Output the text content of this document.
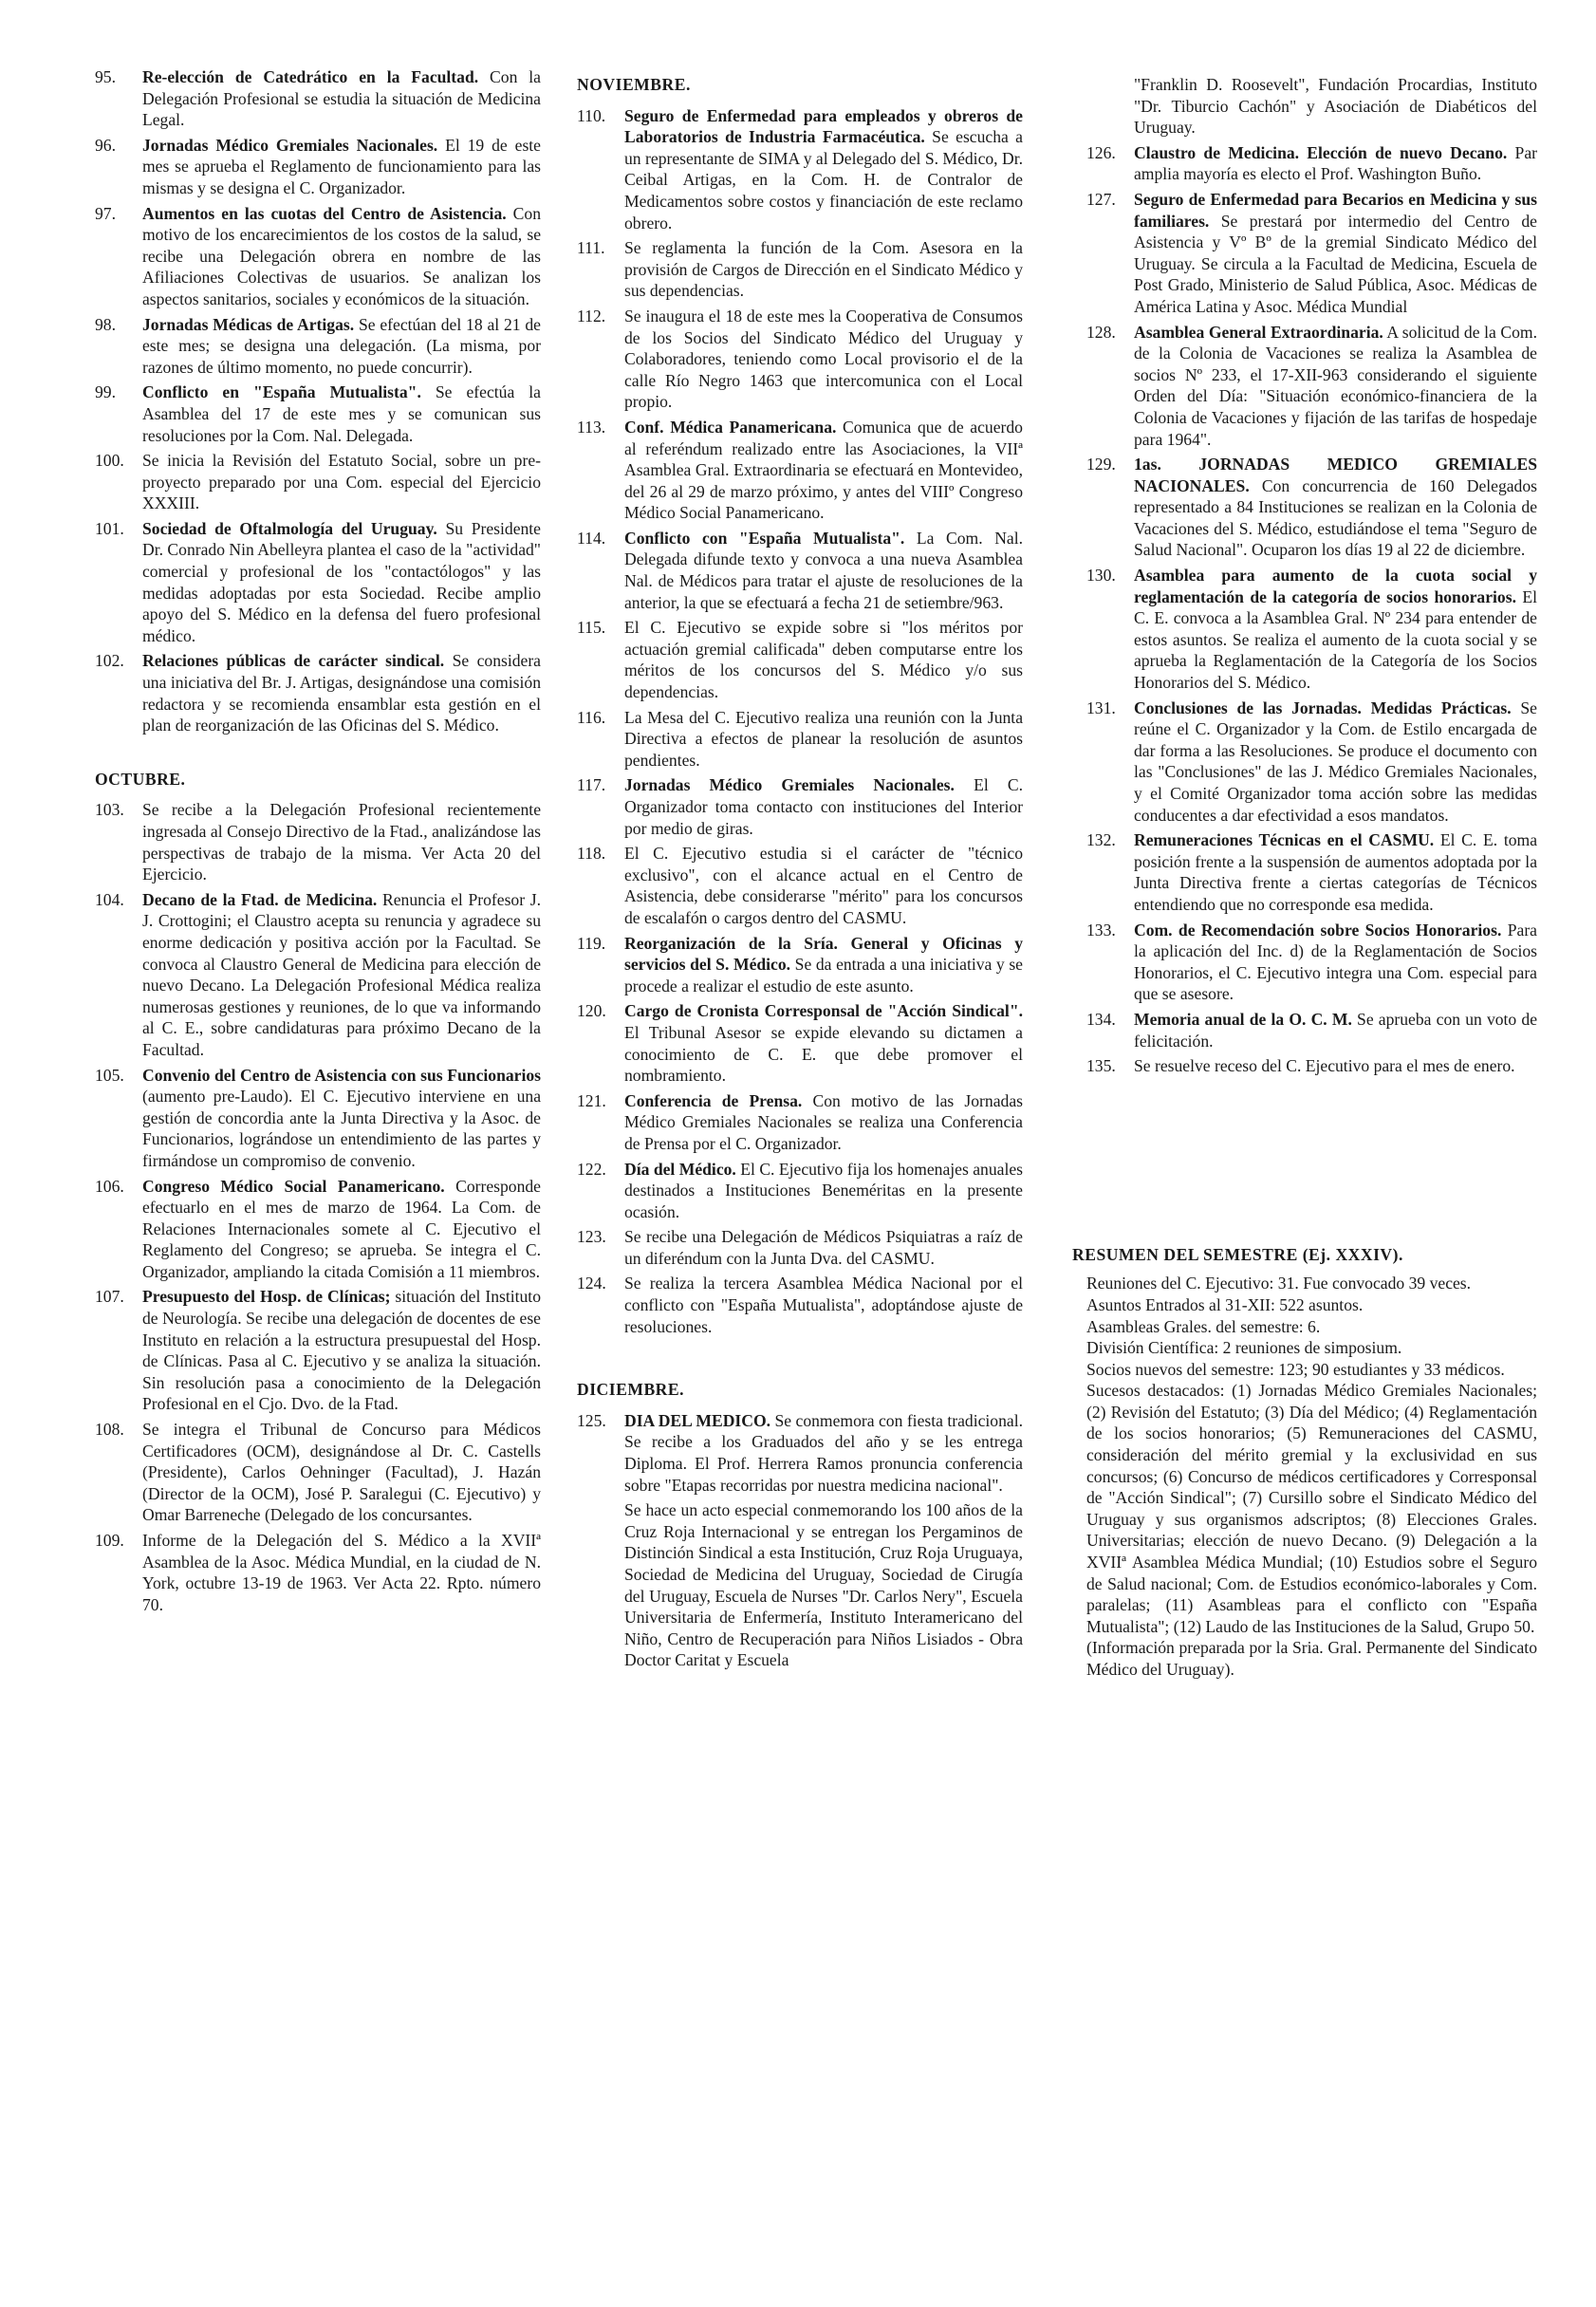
95.	Re-elección de Catedrático en la Facultad. Con la Delegación Profesional se estudia la situación de Medicina Legal.
96.	Jornadas Médico Gremiales Nacionales. El 19 de este mes se aprueba el Reglamento de funcionamiento para las mismas y se designa el C. Organizador.
97.	Aumentos en las cuotas del Centro de Asistencia. Con motivo de los encarecimientos de los costos de la salud, se recibe una Delegación obrera en nombre de las Afiliaciones Colectivas de usuarios. Se analizan los aspectos sanitarios, sociales y económicos de la situación.
98.	Jornadas Médicas de Artigas. Se efectúan del 18 al 21 de este mes; se designa una delegación. (La misma, por razones de último momento, no puede concurrir).
99.	Conflicto en "España Mutualista". Se efectúa la Asamblea del 17 de este mes y se comunican sus resoluciones por la Com. Nal. Delegada.
100.	Se inicia la Revisión del Estatuto Social, sobre un pre-proyecto preparado por una Com. especial del Ejercicio XXXIII.
101.	Sociedad de Oftalmología del Uruguay. Su Presidente Dr. Conrado Nin Abelleyra plantea el caso de la "actividad" comercial y profesional de los "contactólogos" y las medidas adoptadas por esta Sociedad. Recibe amplio apoyo del S. Médico en la defensa del fuero profesional médico.
102.	Relaciones públicas de carácter sindical. Se considera una iniciativa del Br. J. Artigas, designándose una comisión redactora y se recomienda ensamblar esta gestión en el plan de reorganización de las Oficinas del S. Médico.
OCTUBRE.
103.	Se recibe a la Delegación Profesional recientemente ingresada al Consejo Directivo de la Ftad., analizándose las perspectivas de trabajo de la misma. Ver Acta 20 del Ejercicio.
104.	Decano de la Ftad. de Medicina. Renuncia el Profesor J. J. Crottogini; el Claustro acepta su renuncia y agradece su enorme dedicación y positiva acción por la Facultad. Se convoca al Claustro General de Medicina para elección de nuevo Decano. La Delegación Profesional Médica realiza numerosas gestiones y reuniones, de lo que va informando al C. E., sobre candidaturas para próximo Decano de la Facultad.
105.	Convenio del Centro de Asistencia con sus Funcionarios (aumento pre-Laudo). El C. Ejecutivo interviene en una gestión de concordia ante la Junta Directiva y la Asoc. de Funcionarios, lográndose un entendimiento de las partes y firmándose un compromiso de convenio.
106.	Congreso Médico Social Panamericano. Corresponde efectuarlo en el mes de marzo de 1964. La Com. de Relaciones Internacionales somete al C. Ejecutivo el Reglamento del Congreso; se aprueba. Se integra el C. Organizador, ampliando la citada Comisión a 11 miembros.
107.	Presupuesto del Hosp. de Clínicas; situación del Instituto de Neurología. Se recibe una delegación de docentes de ese Instituto en relación a la estructura presupuestal del Hosp. de Clínicas. Pasa al C. Ejecutivo y se analiza la situación. Sin resolución pasa a conocimiento de la Delegación Profesional en el Cjo. Dvo. de la Ftad.
108.	Se integra el Tribunal de Concurso para Médicos Certificadores (OCM), designándose al Dr. C. Castells (Presidente), Carlos Oehninger (Facultad), J. Hazán (Director de la OCM), José P. Saralegui (C. Ejecutivo) y Omar Barreneche (Delegado de los concursantes.
109.	Informe de la Delegación del S. Médico a la XVIIª Asamblea de la Asoc. Médica Mundial, en la ciudad de N. York, octubre 13-19 de 1963. Ver Acta 22. Rpto. número 70.
NOVIEMBRE.
110.	Seguro de Enfermedad para empleados y obreros de Laboratorios de Industria Farmacéutica. Se escucha a un representante de SIMA y al Delegado del S. Médico, Dr. Ceibal Artigas, en la Com. H. de Contralor de Medicamentos sobre costos y financiación de este reclamo obrero.
111.	Se reglamenta la función de la Com. Asesora en la provisión de Cargos de Dirección en el Sindicato Médico y sus dependencias.
112.	Se inaugura el 18 de este mes la Cooperativa de Consumos de los Socios del Sindicato Médico del Uruguay y Colaboradores, teniendo como Local provisorio el de la calle Río Negro 1463 que intercomunica con el Local propio.
113.	Conf. Médica Panamericana. Comunica que de acuerdo al referéndum realizado entre las Asociaciones, la VIIª Asamblea Gral. Extraordinaria se efectuará en Montevideo, del 26 al 29 de marzo próximo, y antes del VIIIº Congreso Médico Social Panamericano.
114.	Conflicto con "España Mutualista". La Com. Nal. Delegada difunde texto y convoca a una nueva Asamblea Nal. de Médicos para tratar el ajuste de resoluciones de la anterior, la que se efectuará a fecha 21 de setiembre/963.
115.	El C. Ejecutivo se expide sobre si "los méritos por actuación gremial calificada" deben computarse entre los méritos de los concursos del S. Médico y/o sus dependencias.
116.	La Mesa del C. Ejecutivo realiza una reunión con la Junta Directiva a efectos de planear la resolución de asuntos pendientes.
117.	Jornadas Médico Gremiales Nacionales. El C. Organizador toma contacto con instituciones del Interior por medio de giras.
118.	El C. Ejecutivo estudia si el carácter de "técnico exclusivo", con el alcance actual en el Centro de Asistencia, debe considerarse "mérito" para los concursos de escalafón o cargos dentro del CASMU.
119.	Reorganización de la Sría. General y Oficinas y servicios del S. Médico. Se da entrada a una iniciativa y se procede a realizar el estudio de este asunto.
120.	Cargo de Cronista Corresponsal de "Acción Sindical". El Tribunal Asesor se expide elevando su dictamen a conocimiento de C. E. que debe promover el nombramiento.
121.	Conferencia de Prensa. Con motivo de las Jornadas Médico Gremiales Nacionales se realiza una Conferencia de Prensa por el C. Organizador.
122.	Día del Médico. El C. Ejecutivo fija los homenajes anuales destinados a Instituciones Beneméritas en la presente ocasión.
123.	Se recibe una Delegación de Médicos Psiquiatras a raíz de un diferéndum con la Junta Dva. del CASMU.
124.	Se realiza la tercera Asamblea Médica Nacional por el conflicto con "España Mutualista", adoptándose ajuste de resoluciones.
DICIEMBRE.
125.	DIA DEL MEDICO. Se conmemora con fiesta tradicional. Se recibe a los Graduados del año y se les entrega Diploma. El Prof. Herrera Ramos pronuncia conferencia sobre "Etapas recorridas por nuestra medicina nacional".
Se hace un acto especial conmemorando los 100 años de la Cruz Roja Internacional y se entregan los Pergaminos de Distinción Sindical a esta Institución, Cruz Roja Uruguaya, Sociedad de Medicina del Uruguay, Sociedad de Cirugía del Uruguay, Escuela de Nurses "Dr. Carlos Nery", Escuela Universitaria de Enfermería, Instituto Interamericano del Niño, Centro de Recuperación para Niños Lisiados - Obra Doctor Caritat y Escuela
"Franklin D. Roosevelt", Fundación Procardias, Instituto "Dr. Tiburcio Cachón" y Asociación de Diabéticos del Uruguay.
126.	Claustro de Medicina. Elección de nuevo Decano. Par amplia mayoría es electo el Prof. Washington Buño.
127.	Seguro de Enfermedad para Becarios en Medicina y sus familiares. Se prestará por intermedio del Centro de Asistencia y Vº Bº de la gremial Sindicato Médico del Uruguay. Se circula a la Facultad de Medicina, Escuela de Post Grado, Ministerio de Salud Pública, Asoc. Médicas de América Latina y Asoc. Médica Mundial
128.	Asamblea General Extraordinaria. A solicitud de la Com. de la Colonia de Vacaciones se realiza la Asamblea de socios Nº 233, el 17-XII-963 considerando el siguiente Orden del Día: "Situación económico-financiera de la Colonia de Vacaciones y fijación de las tarifas de hospedaje para 1964".
129.	1as. JORNADAS MEDICO GREMIALES NACIONALES. Con concurrencia de 160 Delegados representado a 84 Instituciones se realizan en la Colonia de Vacaciones del S. Médico, estudiándose el tema "Seguro de Salud Nacional". Ocuparon los días 19 al 22 de diciembre.
130.	Asamblea para aumento de la cuota social y reglamentación de la categoría de socios honorarios. El C. E. convoca a la Asamblea Gral. Nº 234 para entender de estos asuntos. Se realiza el aumento de la cuota social y se aprueba la Reglamentación de la Categoría de los Socios Honorarios del S. Médico.
131.	Conclusiones de las Jornadas. Medidas Prácticas. Se reúne el C. Organizador y la Com. de Estilo encargada de dar forma a las Resoluciones. Se produce el documento con las "Conclusiones" de las J. Médico Gremiales Nacionales, y el Comité Organizador toma acción sobre las medidas conducentes a dar efectividad a esos mandatos.
132.	Remuneraciones Técnicas en el CASMU. El C. E. toma posición frente a la suspensión de aumentos adoptada por la Junta Directiva frente a ciertas categorías de Técnicos entendiendo que no corresponde esa medida.
133.	Com. de Recomendación sobre Socios Honorarios. Para la aplicación del Inc. d) de la Reglamentación de Socios Honorarios, el C. Ejecutivo integra una Com. especial para que se asesore.
134.	Memoria anual de la O. C. M. Se aprueba con un voto de felicitación.
135.	Se resuelve receso del C. Ejecutivo para el mes de enero.
RESUMEN DEL SEMESTRE (Ej. XXXIV).

Reuniones del C. Ejecutivo: 31. Fue convocado 39 veces.

Asuntos Entrados al 31-XII: 522 asuntos.

Asambleas Grales. del semestre: 6.

División Científica: 2 reuniones de simposium.

Socios nuevos del semestre: 123; 90 estudiantes y 33 médicos.

Sucesos destacados: (1) Jornadas Médico Gremiales Nacionales; (2) Revisión del Estatuto; (3) Día del Médico; (4) Reglamentación de los socios honorarios; (5) Remuneraciones del CASMU, consideración del mérito gremial y la exclusividad en sus concursos; (6) Concurso de médicos certificadores y Corresponsal de "Acción Sindical"; (7) Cursillo sobre el Sindicato Médico del Uruguay y sus organismos adscriptos; (8) Elecciones Grales. Universitarias; elección de nuevo Decano. (9) Delegación a la XVIIª Asamblea Médica Mundial; (10) Estudios sobre el Seguro de Salud nacional; Com. de Estudios económico-laborales y Com. paralelas; (11) Asambleas para el conflicto con "España Mutualista"; (12) Laudo de las Instituciones de la Salud, Grupo 50.

(Información preparada por la Sria. Gral. Permanente del Sindicato Médico del Uruguay).
